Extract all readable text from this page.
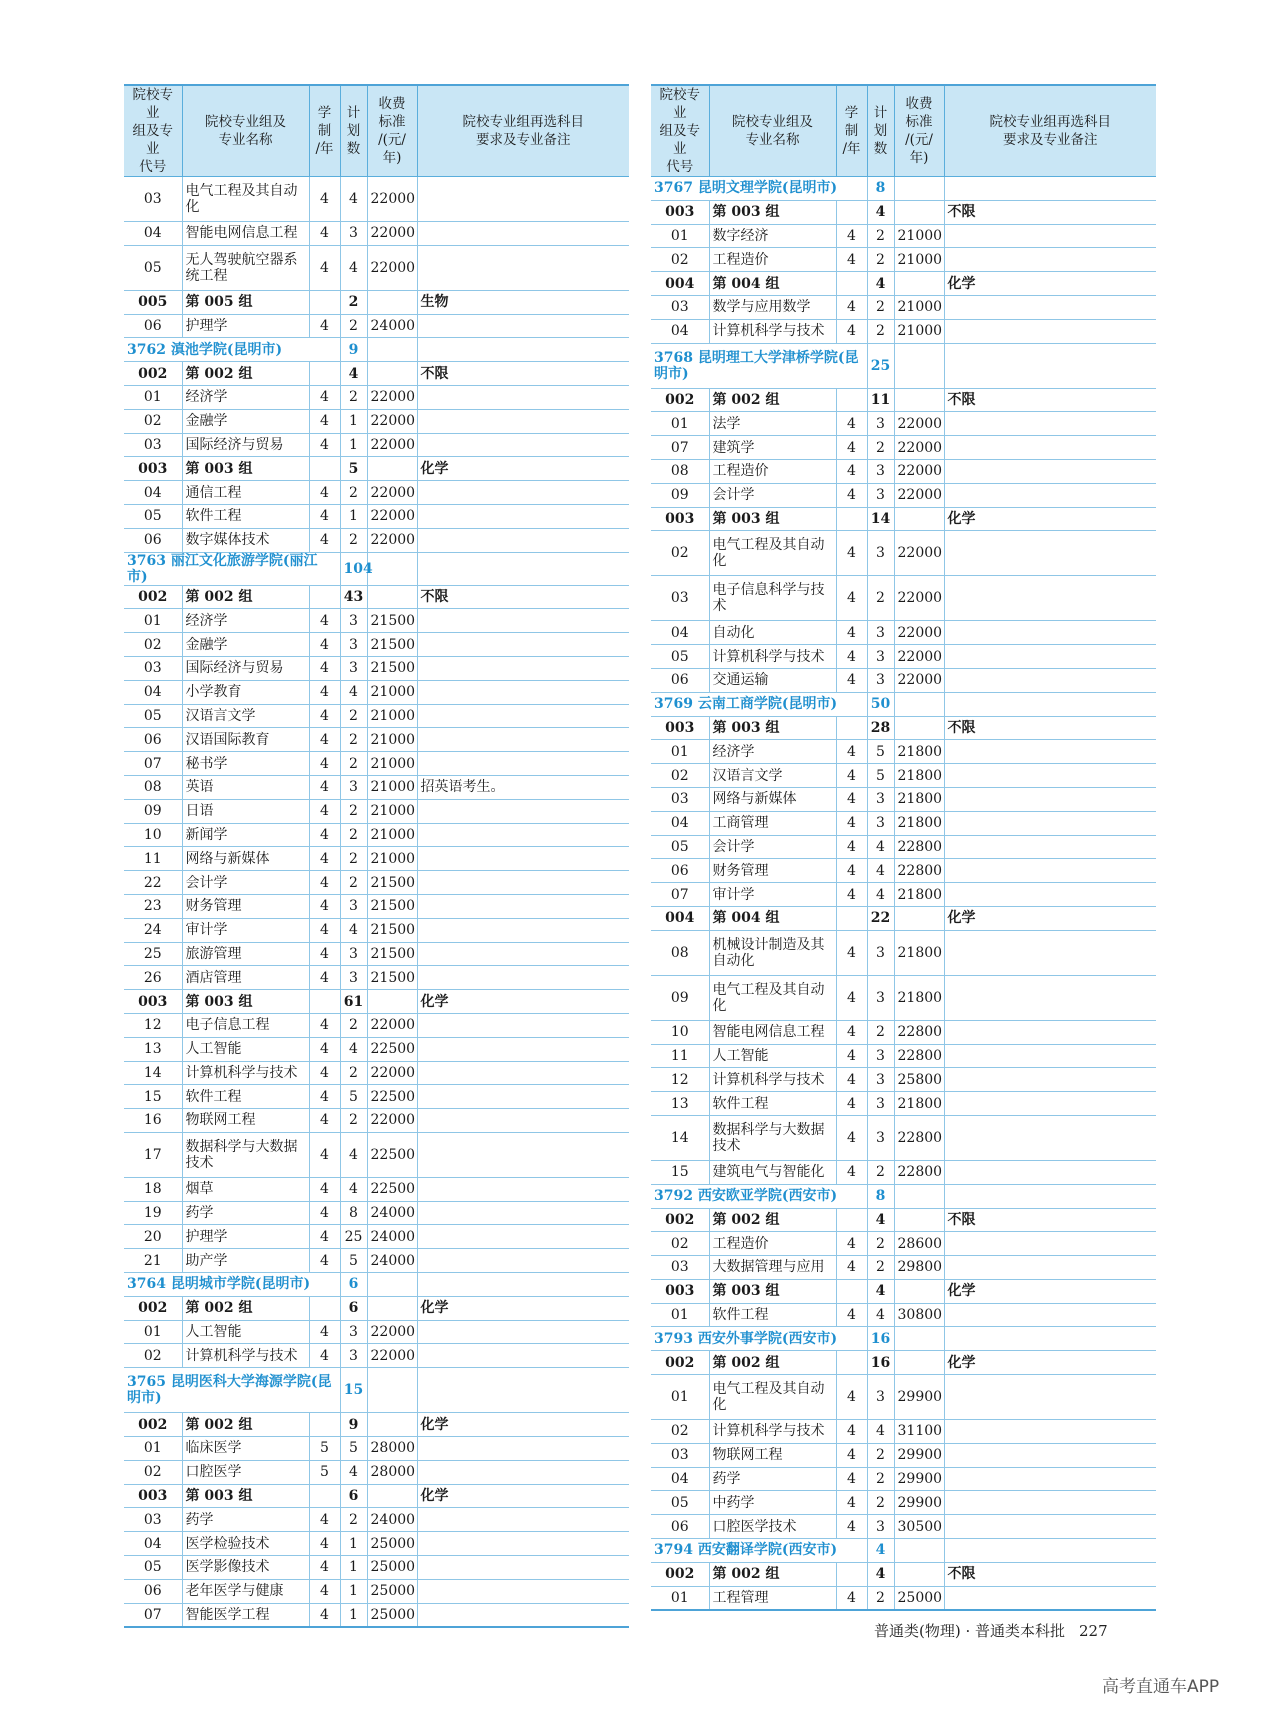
院校专业
组及专业
代号	院校专业组及
专业名称	学
制
/年	计
划
数	收费
标准
/(元/年)	院校专业组再选科目
要求及专业备注
03	电气工程及其自动化	4	4	22000	
04	智能电网信息工程	4	3	22000	
05	无人驾驶航空器系统工程	4	4	22000	
005	第 005 组		2		生物
06	护理学	4	2	24000	
3762 滇池学院(昆明市)			9		
002	第 002 组		4		不限
01	经济学	4	2	22000	
02	金融学	4	1	22000	
03	国际经济与贸易	4	1	22000	
003	第 003 组		5		化学
04	通信工程	4	2	22000	
05	软件工程	4	1	22000	
06	数字媒体技术	4	2	22000	
3763 丽江文化旅游学院(丽江市)			104		
002	第 002 组		43		不限
01	经济学	4	3	21500	
02	金融学	4	3	21500	
03	国际经济与贸易	4	3	21500	
04	小学教育	4	4	21000	
05	汉语言文学	4	2	21000	
06	汉语国际教育	4	2	21000	
07	秘书学	4	2	21000	
08	英语	4	3	21000	招英语考生。
09	日语	4	2	21000	
10	新闻学	4	2	21000	
11	网络与新媒体	4	2	21000	
22	会计学	4	2	21500	
23	财务管理	4	3	21500	
24	审计学	4	4	21500	
25	旅游管理	4	3	21500	
26	酒店管理	4	3	21500	
003	第 003 组		61		化学
12	电子信息工程	4	2	22000	
13	人工智能	4	4	22500	
14	计算机科学与技术	4	2	22000	
15	软件工程	4	5	22500	
16	物联网工程	4	2	22000	
17	数据科学与大数据技术	4	4	22500	
18	烟草	4	4	22500	
19	药学	4	8	24000	
20	护理学	4	25	24000	
21	助产学	4	5	24000	
3764 昆明城市学院(昆明市)			6		
002	第 002 组		6		化学
01	人工智能	4	3	22000	
02	计算机科学与技术	4	3	22000	
3765 昆明医科大学海源学院(昆明市)			15		
002	第 002 组		9		化学
01	临床医学	5	5	28000	
02	口腔医学	5	4	28000	
003	第 003 组		6		化学
03	药学	4	2	24000	
04	医学检验技术	4	1	25000	
05	医学影像技术	4	1	25000	
06	老年医学与健康	4	1	25000	
07	智能医学工程	4	1	25000	
院校专业
组及专业
代号	院校专业组及
专业名称	学
制
/年	计
划
数	收费
标准
/(元/年)	院校专业组再选科目
要求及专业备注
3767 昆明文理学院(昆明市)			8		
003	第 003 组		4		不限
01	数字经济	4	2	21000	
02	工程造价	4	2	21000	
004	第 004 组		4		化学
03	数学与应用数学	4	2	21000	
04	计算机科学与技术	4	2	21000	
3768 昆明理工大学津桥学院(昆明市)			25		
002	第 002 组		11		不限
01	法学	4	3	22000	
07	建筑学	4	2	22000	
08	工程造价	4	3	22000	
09	会计学	4	3	22000	
003	第 003 组		14		化学
02	电气工程及其自动化	4	3	22000	
03	电子信息科学与技术	4	2	22000	
04	自动化	4	3	22000	
05	计算机科学与技术	4	3	22000	
06	交通运输	4	3	22000	
3769 云南工商学院(昆明市)			50		
003	第 003 组		28		不限
01	经济学	4	5	21800	
02	汉语言文学	4	5	21800	
03	网络与新媒体	4	3	21800	
04	工商管理	4	3	21800	
05	会计学	4	4	22800	
06	财务管理	4	4	22800	
07	审计学	4	4	21800	
004	第 004 组		22		化学
08	机械设计制造及其自动化	4	3	21800	
09	电气工程及其自动化	4	3	21800	
10	智能电网信息工程	4	2	22800	
11	人工智能	4	3	22800	
12	计算机科学与技术	4	3	25800	
13	软件工程	4	3	21800	
14	数据科学与大数据技术	4	3	22800	
15	建筑电气与智能化	4	2	22800	
3792 西安欧亚学院(西安市)			8		
002	第 002 组		4		不限
02	工程造价	4	2	28600	
03	大数据管理与应用	4	2	29800	
003	第 003 组		4		化学
01	软件工程	4	4	30800	
3793 西安外事学院(西安市)			16		
002	第 002 组		16		化学
01	电气工程及其自动化	4	3	29900	
02	计算机科学与技术	4	4	31100	
03	物联网工程	4	2	29900	
04	药学	4	2	29900	
05	中药学	4	2	29900	
06	口腔医学技术	4	3	30500	
3794 西安翻译学院(西安市)			4		
002	第 002 组		4		不限
01	工程管理	4	2	25000	
普通类(物理) · 普通类本科批 227
高考直通车APP
